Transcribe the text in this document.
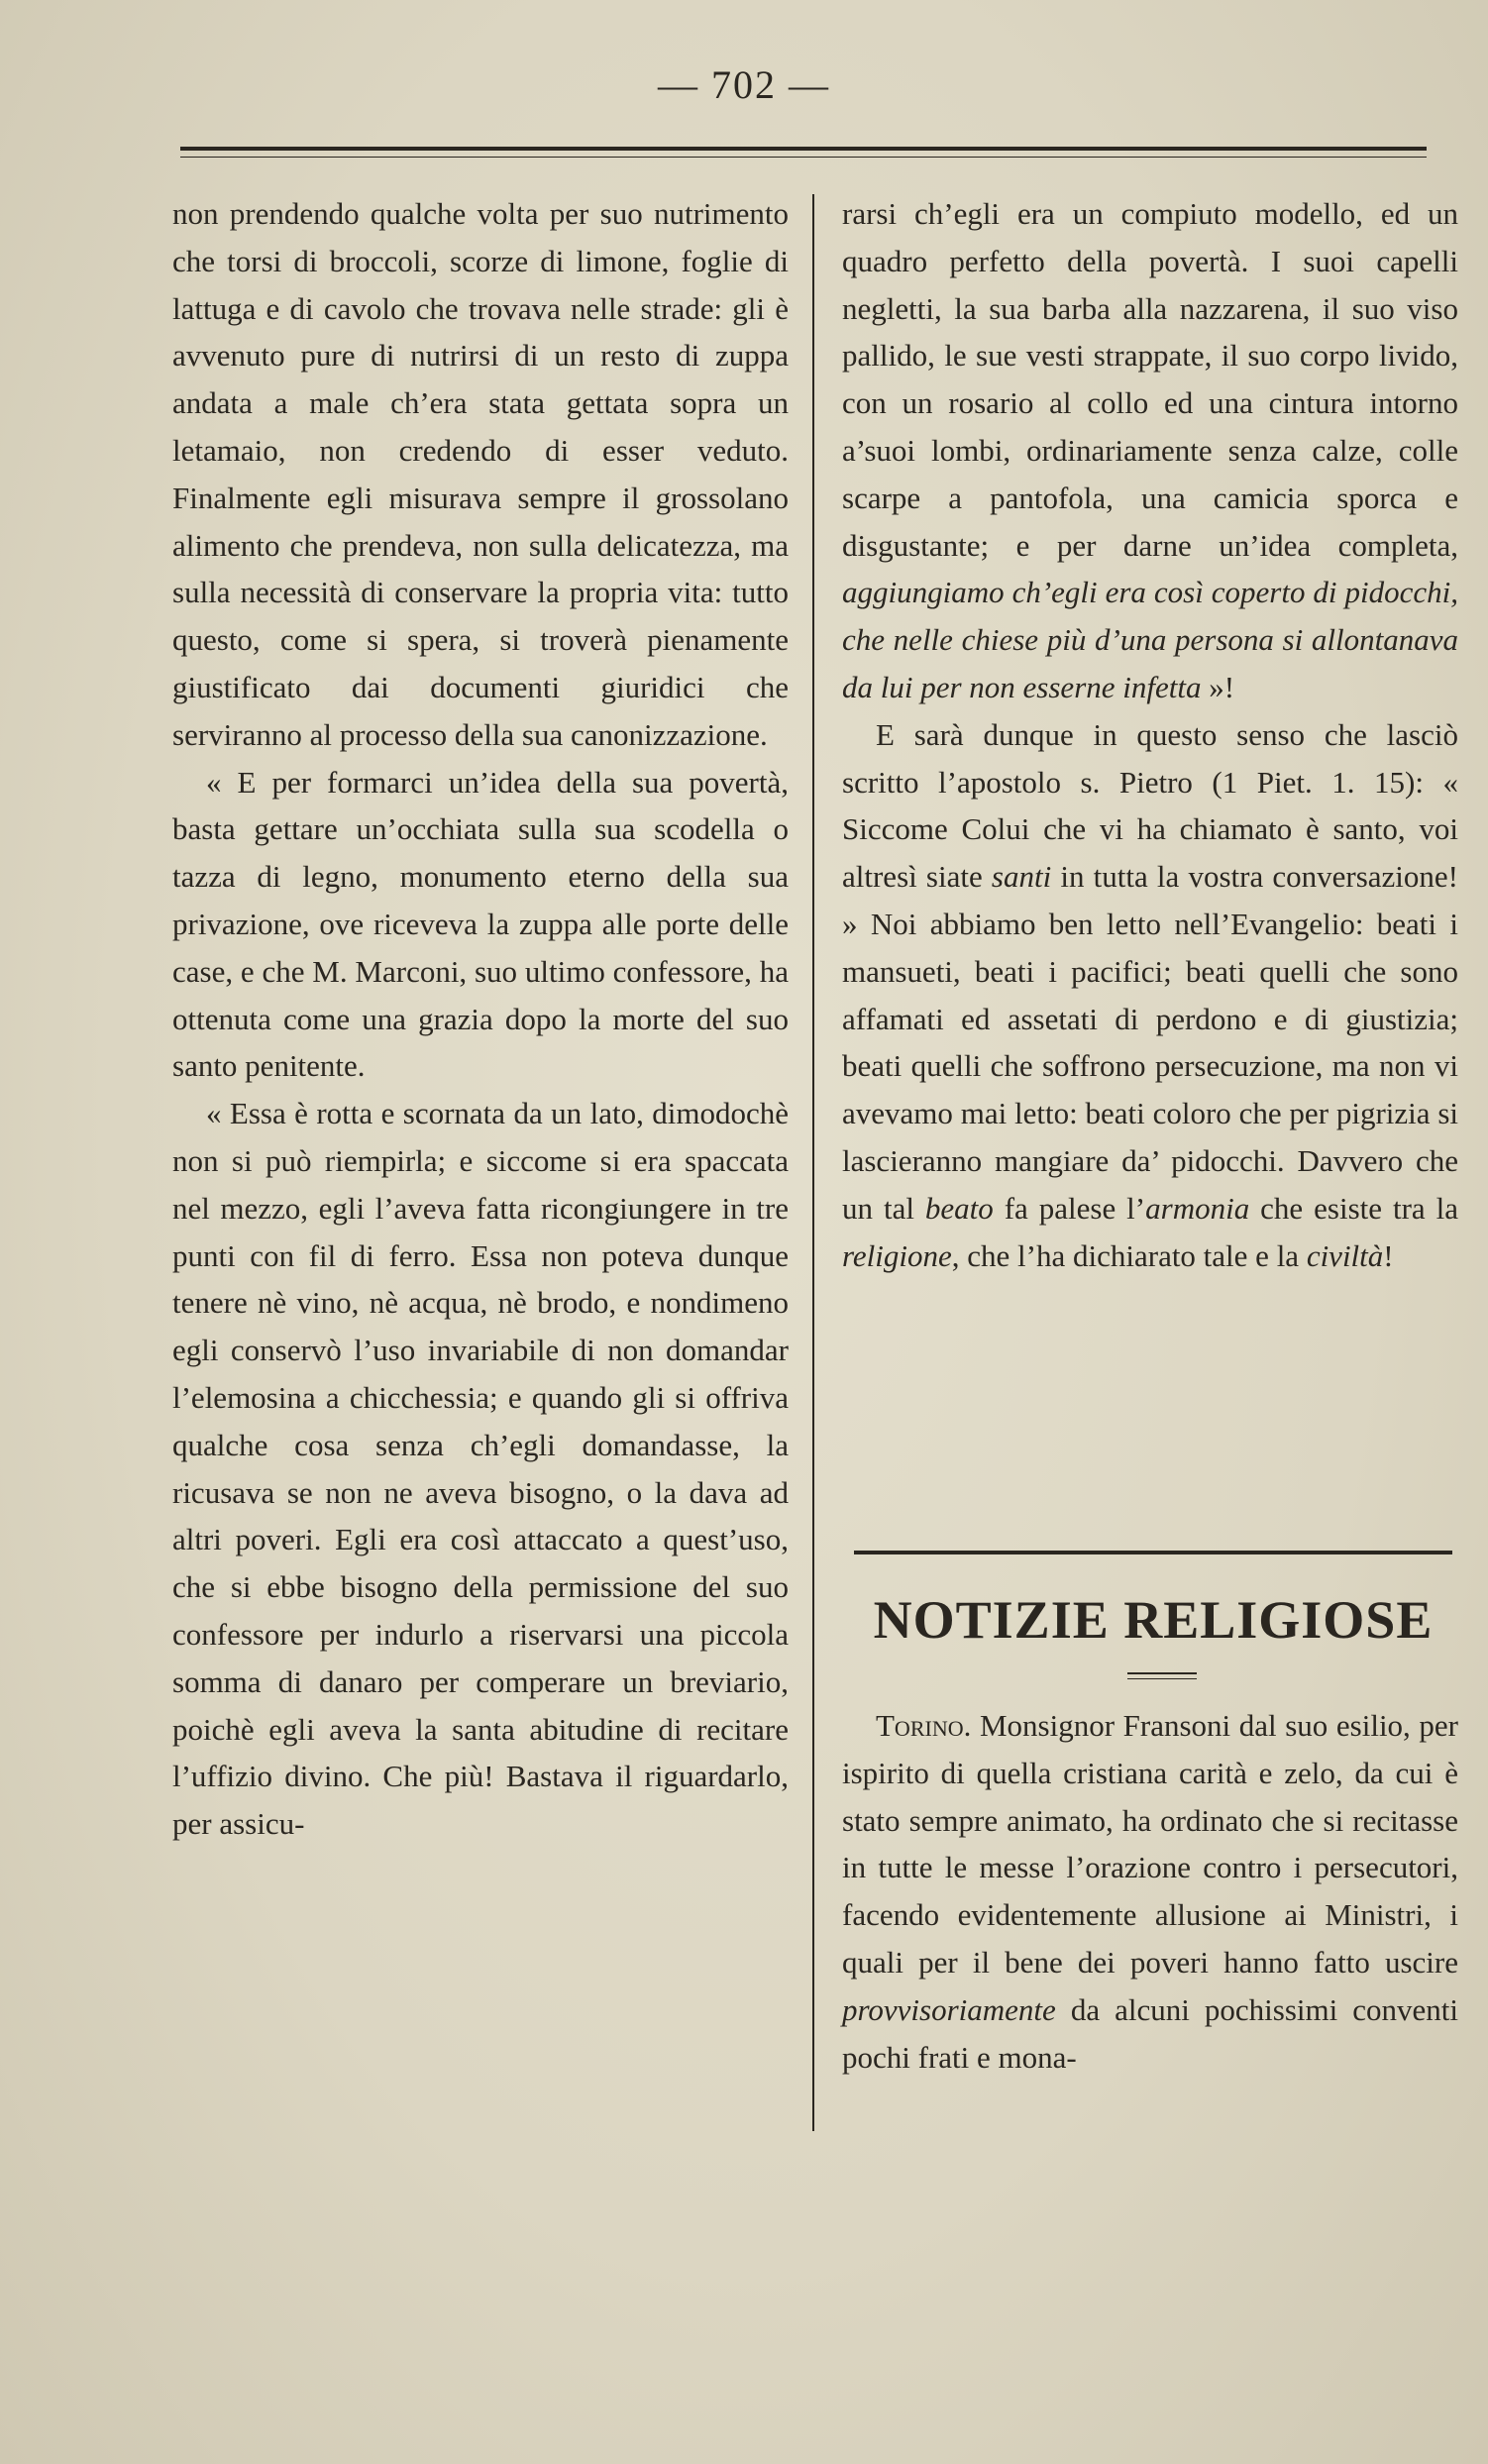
— 702 —

non prendendo qualche volta per suo nutrimento che torsi di broccoli, scorze di limone, foglie di lattuga e di cavolo che trovava nelle strade: gli è avvenuto pure di nutrirsi di un resto di zuppa andata a male ch’era stata gettata sopra un letamaio, non credendo di esser veduto. Finalmente egli misurava sempre il grossolano alimento che prendeva, non sulla delicatezza, ma sulla necessità di conservare la propria vita: tutto questo, come si spera, si troverà pienamente giustificato dai documenti giuridici che serviranno al processo della sua canonizzazione.

« E per formarci un’idea della sua povertà, basta gettare un’occhiata sulla sua scodella o tazza di legno, monumento eterno della sua privazione, ove riceveva la zuppa alle porte delle case, e che M. Marconi, suo ultimo confessore, ha ottenuta come una grazia dopo la morte del suo santo penitente.

« Essa è rotta e scornata da un lato, dimodochè non si può riempirla; e siccome si era spaccata nel mezzo, egli l’aveva fatta ricongiungere in tre punti con fil di ferro. Essa non poteva dunque tenere nè vino, nè acqua, nè brodo, e nondimeno egli conservò l’uso invariabile di non domandar l’elemosina a chicchessia; e quando gli si offriva qualche cosa senza ch’egli domandasse, la ricusava se non ne aveva bisogno, o la dava ad altri poveri. Egli era così attaccato a quest’uso, che si ebbe bisogno della permissione del suo confessore per indurlo a riservarsi una piccola somma di danaro per comperare un breviario, poichè egli aveva la santa abitudine di recitare l’uffizio divino. Che più! Bastava il riguardarlo, per assicu-

rarsi ch’egli era un compiuto modello, ed un quadro perfetto della povertà. I suoi capelli negletti, la sua barba alla nazzarena, il suo viso pallido, le sue vesti strappate, il suo corpo livido, con un rosario al collo ed una cintura intorno a’suoi lombi, ordinariamente senza calze, colle scarpe a pantofola, una camicia sporca e disgustante; e per darne un’idea completa, aggiungiamo ch’egli era così coperto di pidocchi, che nelle chiese più d’una persona si allontanava da lui per non esserne infetta »!

E sarà dunque in questo senso che lasciò scritto l’apostolo s. Pietro (1 Piet. 1. 15): « Siccome Colui che vi ha chiamato è santo, voi altresì siate santi in tutta la vostra conversazione! » Noi abbiamo ben letto nell’Evangelio: beati i mansueti, beati i pacifici; beati quelli che sono affamati ed assetati di perdono e di giustizia; beati quelli che soffrono persecuzione, ma non vi avevamo mai letto: beati coloro che per pigrizia si lascieranno mangiare da’ pidocchi. Davvero che un tal beato fa palese l’armonia che esiste tra la religione, che l’ha dichiarato tale e la civiltà!

NOTIZIE RELIGIOSE

Torino. Monsignor Fransoni dal suo esilio, per ispirito di quella cristiana carità e zelo, da cui è stato sempre animato, ha ordinato che si recitasse in tutte le messe l’orazione contro i persecutori, facendo evidentemente allusione ai Ministri, i quali per il bene dei poveri hanno fatto uscire provvisoriamente da alcuni pochissimi conventi pochi frati e mona-
